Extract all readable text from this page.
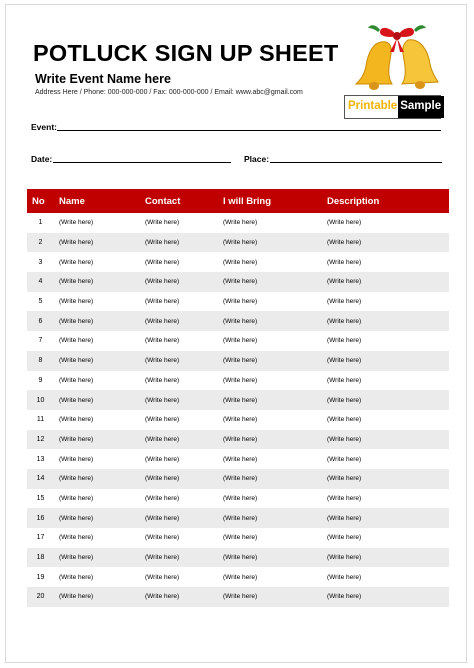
POTLUCK SIGN UP SHEET
Write Event Name here
Address Here / Phone: 000-000-000 / Fax: 000-000-000 / Email: www.abc@gmail.com
Printable Sample
Event:
Date:	Place:
No	Name	Contact	I will Bring	Description
1	(Write here)	(Write here)	(Write here)	(Write here)
2	(Write here)	(Write here)	(Write here)	(Write here)
3	(Write here)	(Write here)	(Write here)	(Write here)
4	(Write here)	(Write here)	(Write here)	(Write here)
5	(Write here)	(Write here)	(Write here)	(Write here)
6	(Write here)	(Write here)	(Write here)	(Write here)
7	(Write here)	(Write here)	(Write here)	(Write here)
8	(Write here)	(Write here)	(Write here)	(Write here)
9	(Write here)	(Write here)	(Write here)	(Write here)
10	(Write here)	(Write here)	(Write here)	(Write here)
11	(Write here)	(Write here)	(Write here)	(Write here)
12	(Write here)	(Write here)	(Write here)	(Write here)
13	(Write here)	(Write here)	(Write here)	(Write here)
14	(Write here)	(Write here)	(Write here)	(Write here)
15	(Write here)	(Write here)	(Write here)	(Write here)
16	(Write here)	(Write here)	(Write here)	(Write here)
17	(Write here)	(Write here)	(Write here)	(Write here)
18	(Write here)	(Write here)	(Write here)	(Write here)
19	(Write here)	(Write here)	(Write here)	(Write here)
20	(Write here)	(Write here)	(Write here)	(Write here)
